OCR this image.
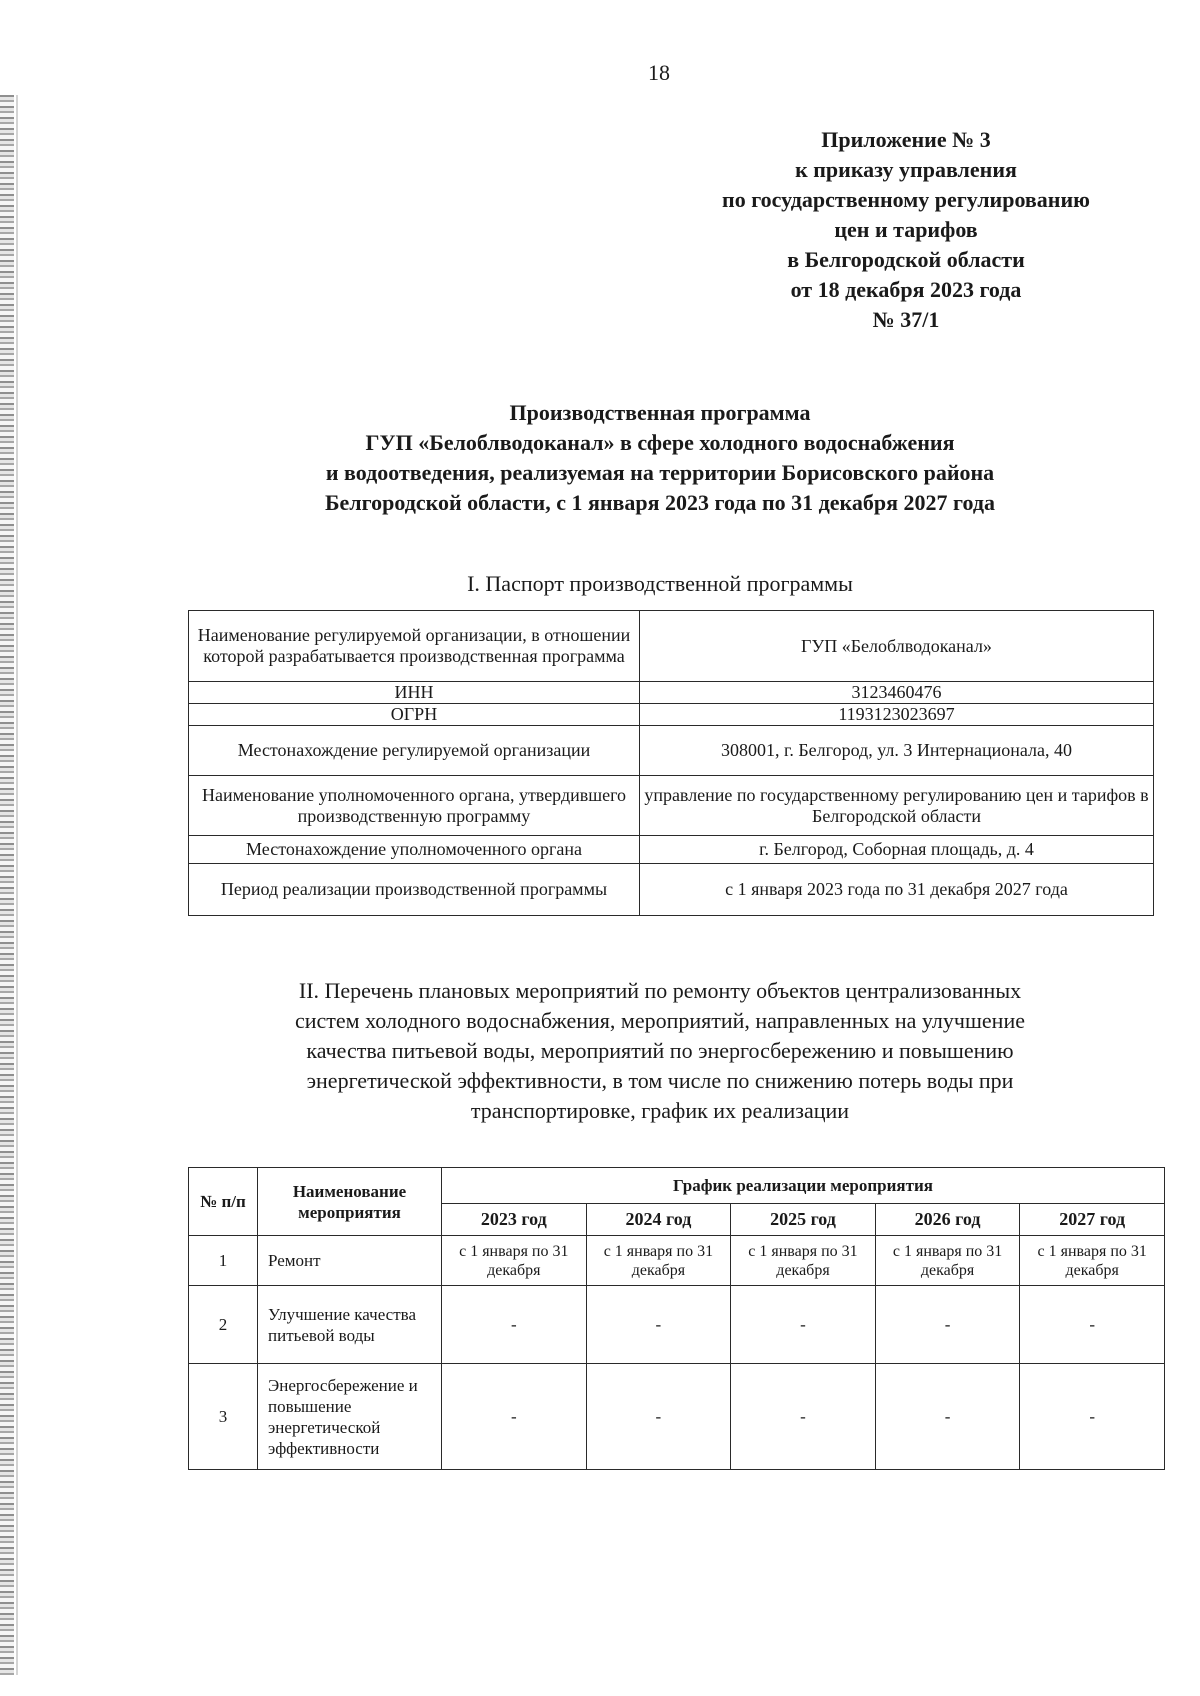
18
Приложение № 3
к приказу управления
по государственному регулированию
цен и тарифов
в Белгородской области
от 18 декабря 2023 года
№ 37/1
Производственная программа
ГУП «Белоблводоканал» в сфере холодного водоснабжения
и водоотведения, реализуемая на территории Борисовского района
Белгородской области, с 1 января 2023 года по 31 декабря 2027 года
I. Паспорт производственной программы
Наименование регулируемой организации, в отношении которой разрабатывается производственная программа	ГУП «Белоблводоканал»
ИНН	3123460476
ОГРН	1193123023697
Местонахождение регулируемой организации	308001, г. Белгород, ул. 3 Интернационала, 40
Наименование уполномоченного органа, утвердившего производственную программу	управление по государственному регулированию цен и тарифов в Белгородской области
Местонахождение уполномоченного органа	г. Белгород, Соборная площадь, д. 4
Период реализации производственной программы	с 1 января 2023 года по 31 декабря 2027 года
II. Перечень плановых мероприятий по ремонту объектов централизованных
систем холодного водоснабжения, мероприятий, направленных на улучшение
качества питьевой воды, мероприятий по энергосбережению и повышению
энергетической эффективности, в том числе по снижению потерь воды при
транспортировке, график их реализации
№ п/п	Наименование мероприятия	График реализации мероприятия				
		2023 год	2024 год	2025 год	2026 год	2027 год
1	Ремонт	с 1 января по 31 декабря	с 1 января по 31 декабря	с 1 января по 31 декабря	с 1 января по 31 декабря	с 1 января по 31 декабря
2	Улучшение качества питьевой воды	-	-	-	-	-
3	Энергосбережение и повышение энергетической эффективности	-	-	-	-	-
